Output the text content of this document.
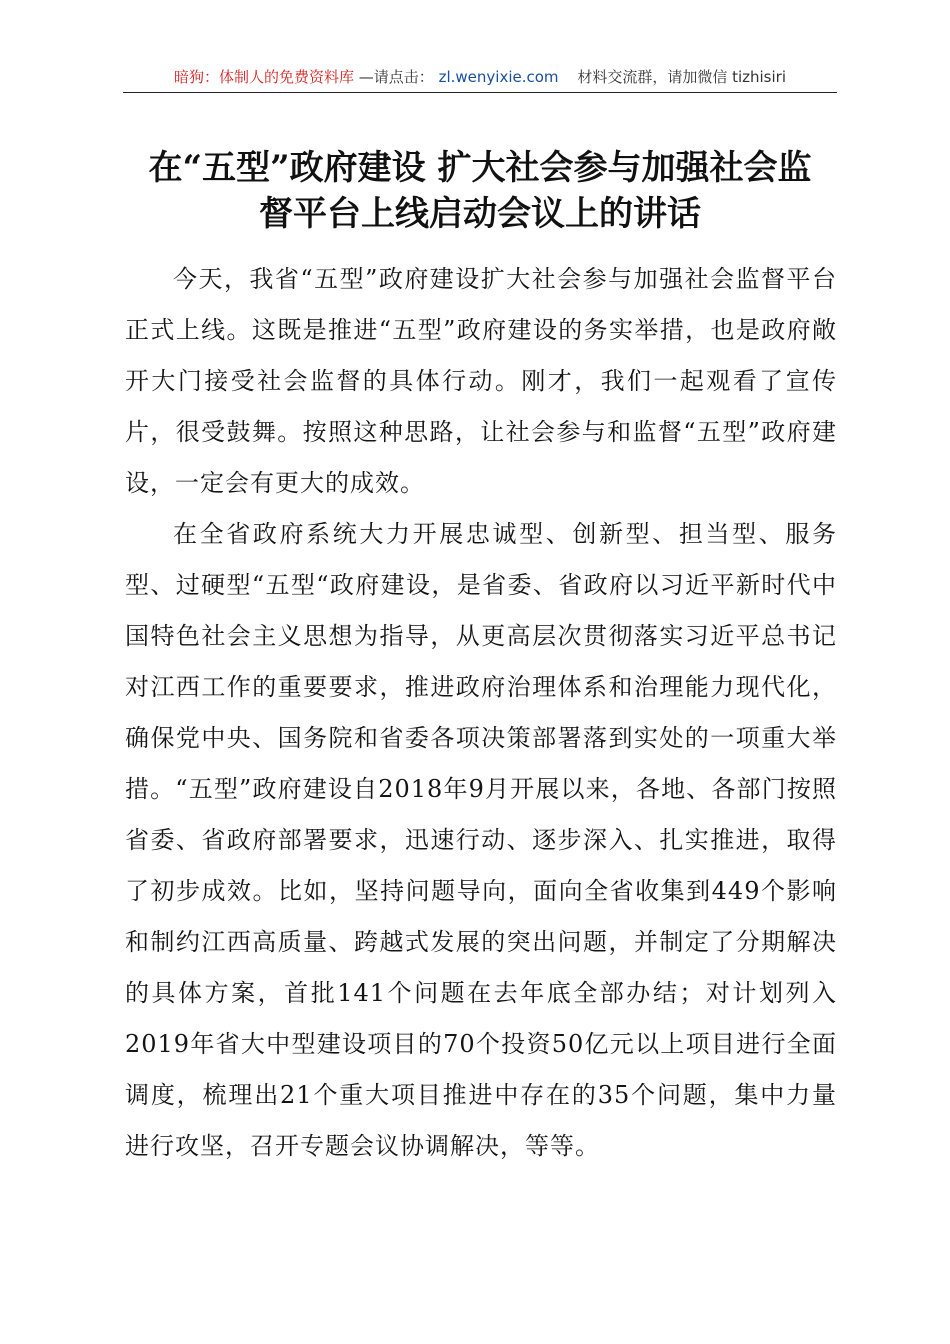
暗狗：体制人的免费资料库 —请点击： zl.wenyixie.com 材料交流群，请加微信 tizhisiri
在“五型”政府建设 扩大社会参与加强社会监
督平台上线启动会议上的讲话

今天，我省“五型”政府建设扩大社会参与加强社会监督平台正式上线。这既是推进“五型”政府建设的务实举措，也是政府敞开大门接受社会监督的具体行动。刚才，我们一起观看了宣传片，很受鼓舞。按照这种思路，让社会参与和监督“五型”政府建设，一定会有更大的成效。

在全省政府系统大力开展忠诚型、创新型、担当型、服务型、过硬型“五型“政府建设，是省委、省政府以习近平新时代中国特色社会主义思想为指导，从更高层次贯彻落实习近平总书记对江西工作的重要要求，推进政府治理体系和治理能力现代化，确保党中央、国务院和省委各项决策部署落到实处的一项重大举措。“五型”政府建设自2018年9月开展以来，各地、各部门按照省委、省政府部署要求，迅速行动、逐步深入、扎实推进，取得了初步成效。比如，坚持问题导向，面向全省收集到449个影响和制约江西高质量、跨越式发展的突出问题，并制定了分期解决的具体方案，首批141个问题在去年底全部办结；对计划列入2019年省大中型建设项目的70个投资50亿元以上项目进行全面调度，梳理出21个重大项目推进中存在的35个问题，集中力量进行攻坚，召开专题会议协调解决，等等。
